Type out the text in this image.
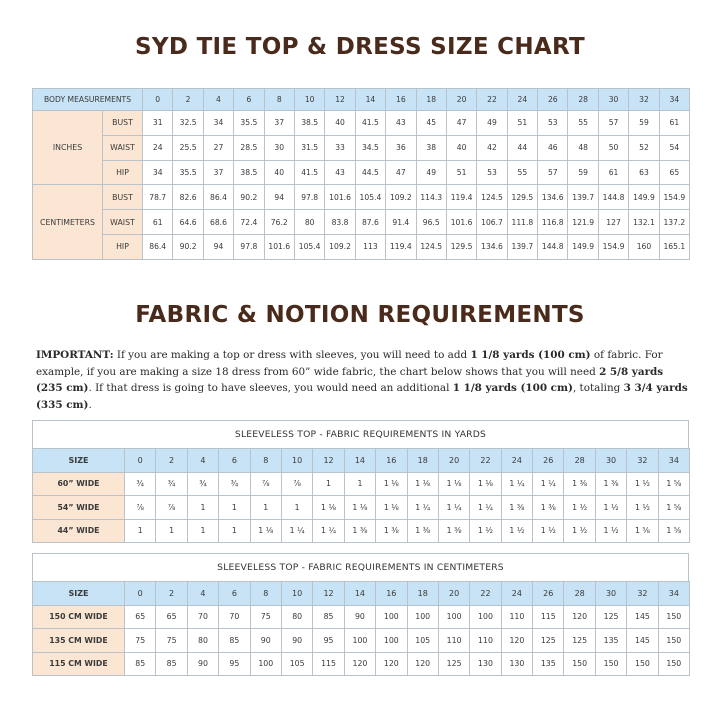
SYD TIE TOP & DRESS SIZE CHART
BODY MEASUREMENTS		0	2	4	6	8	10	12	14	16	18	20	22	24	26	28	30	32	34
INCHES	BUST	31	32.5	34	35.5	37	38.5	40	41.5	43	45	47	49	51	53	55	57	59	61
	WAIST	24	25.5	27	28.5	30	31.5	33	34.5	36	38	40	42	44	46	48	50	52	54
	HIP	34	35.5	37	38.5	40	41.5	43	44.5	47	49	51	53	55	57	59	61	63	65
CENTIMETERS	BUST	78.7	82.6	86.4	90.2	94	97.8	101.6	105.4	109.2	114.3	119.4	124.5	129.5	134.6	139.7	144.8	149.9	154.9
	WAIST	61	64.6	68.6	72.4	76.2	80	83.8	87.6	91.4	96.5	101.6	106.7	111.8	116.8	121.9	127	132.1	137.2
	HIP	86.4	90.2	94	97.8	101.6	105.4	109.2	113	119.4	124.5	129.5	134.6	139.7	144.8	149.9	154.9	160	165.1
FABRIC & NOTION REQUIREMENTS
IMPORTANT: If you are making a top or dress with sleeves, you will need to add 1 1/8 yards (100 cm) of fabric. For example, if you are making a size 18 dress from 60” wide fabric, the chart below shows that you will need 2 5/8 yards (235 cm). If that dress is going to have sleeves, you would need an additional 1 1/8 yards (100 cm), totaling 3 3/4 yards (335 cm).
SLEEVELESS TOP - FABRIC REQUIREMENTS IN YARDS
SIZE	0	2	4	6	8	10	12	14	16	18	20	22	24	26	28	30	32	34
60” WIDE	¾	¾	¾	¾	⅞	⅞	1	1	1 ⅛	1 ⅛	1 ⅛	1 ⅛	1 ¼	1 ¼	1 ⅜	1 ⅜	1 ½	1 ⅝
54” WIDE	⅞	⅞	1	1	1	1	1 ⅛	1 ⅛	1 ⅛	1 ¼	1 ¼	1 ¼	1 ⅜	1 ⅜	1 ½	1 ½	1 ½	1 ⅝
44” WIDE	1	1	1	1	1 ⅛	1 ¼	1 ¼	1 ⅜	1 ⅜	1 ⅜	1 ⅜	1 ½	1 ½	1 ½	1 ½	1 ½	1 ⅝	1 ⅝
SLEEVELESS TOP - FABRIC REQUIREMENTS IN CENTIMETERS
SIZE	0	2	4	6	8	10	12	14	16	18	20	22	24	26	28	30	32	34
150 CM WIDE	65	65	70	70	75	80	85	90	100	100	100	100	110	115	120	125	145	150
135 CM WIDE	75	75	80	85	90	90	95	100	100	105	110	110	120	125	125	135	145	150
115 CM WIDE	85	85	90	95	100	105	115	120	120	120	125	130	130	135	150	150	150	150
